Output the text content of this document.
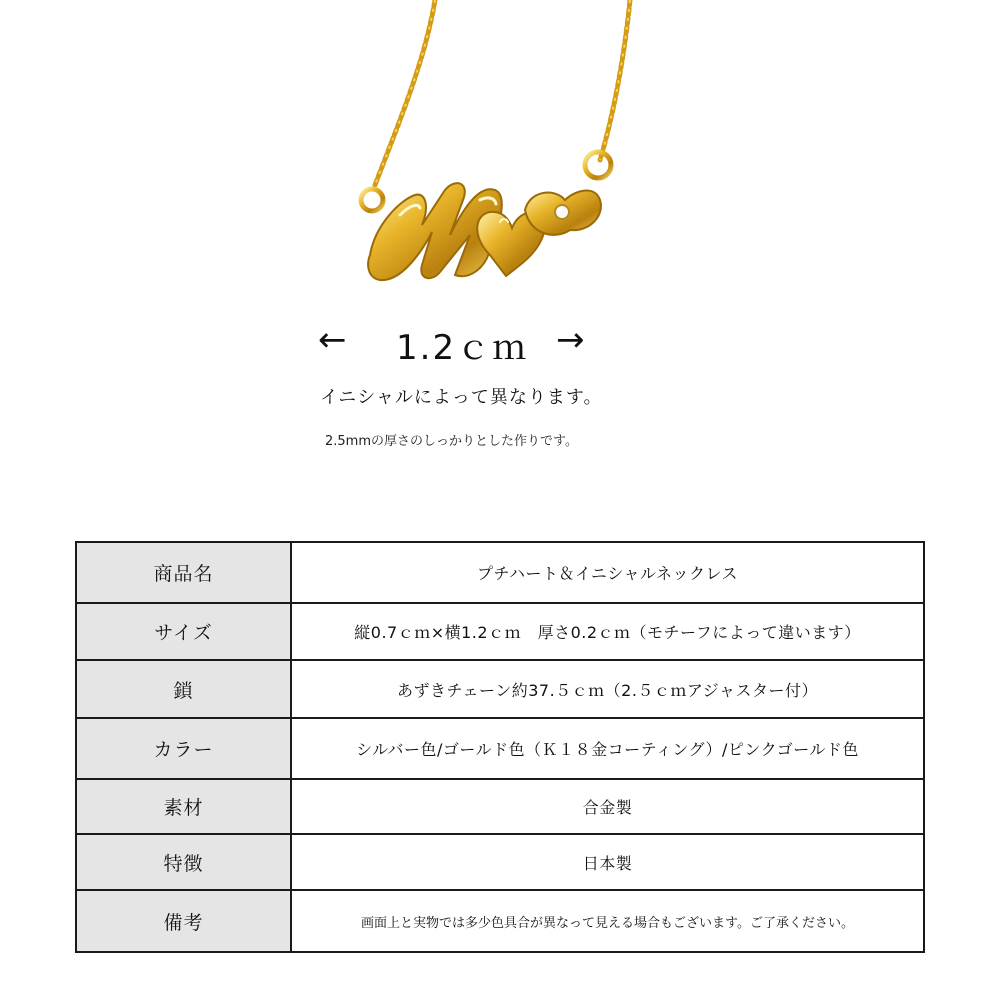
← 1.2ｃｍ →
イニシャルによって異なります。
2.5mmの厚さのしっかりとした作りです。
商品名	プチハート＆イニシャルネックレス
サイズ	縦0.7ｃｍ×横1.2ｃｍ　厚さ0.2ｃｍ（モチーフによって違います）
鎖	あずきチェーン約37.５ｃｍ（2.５ｃｍアジャスター付）
カラー	シルバー色/ゴールド色（Ｋ１８金コーティング）/ピンクゴールド色
素材	合金製
特徴	日本製
備考	画面上と実物では多少色具合が異なって見える場合もございます。ご了承ください。
